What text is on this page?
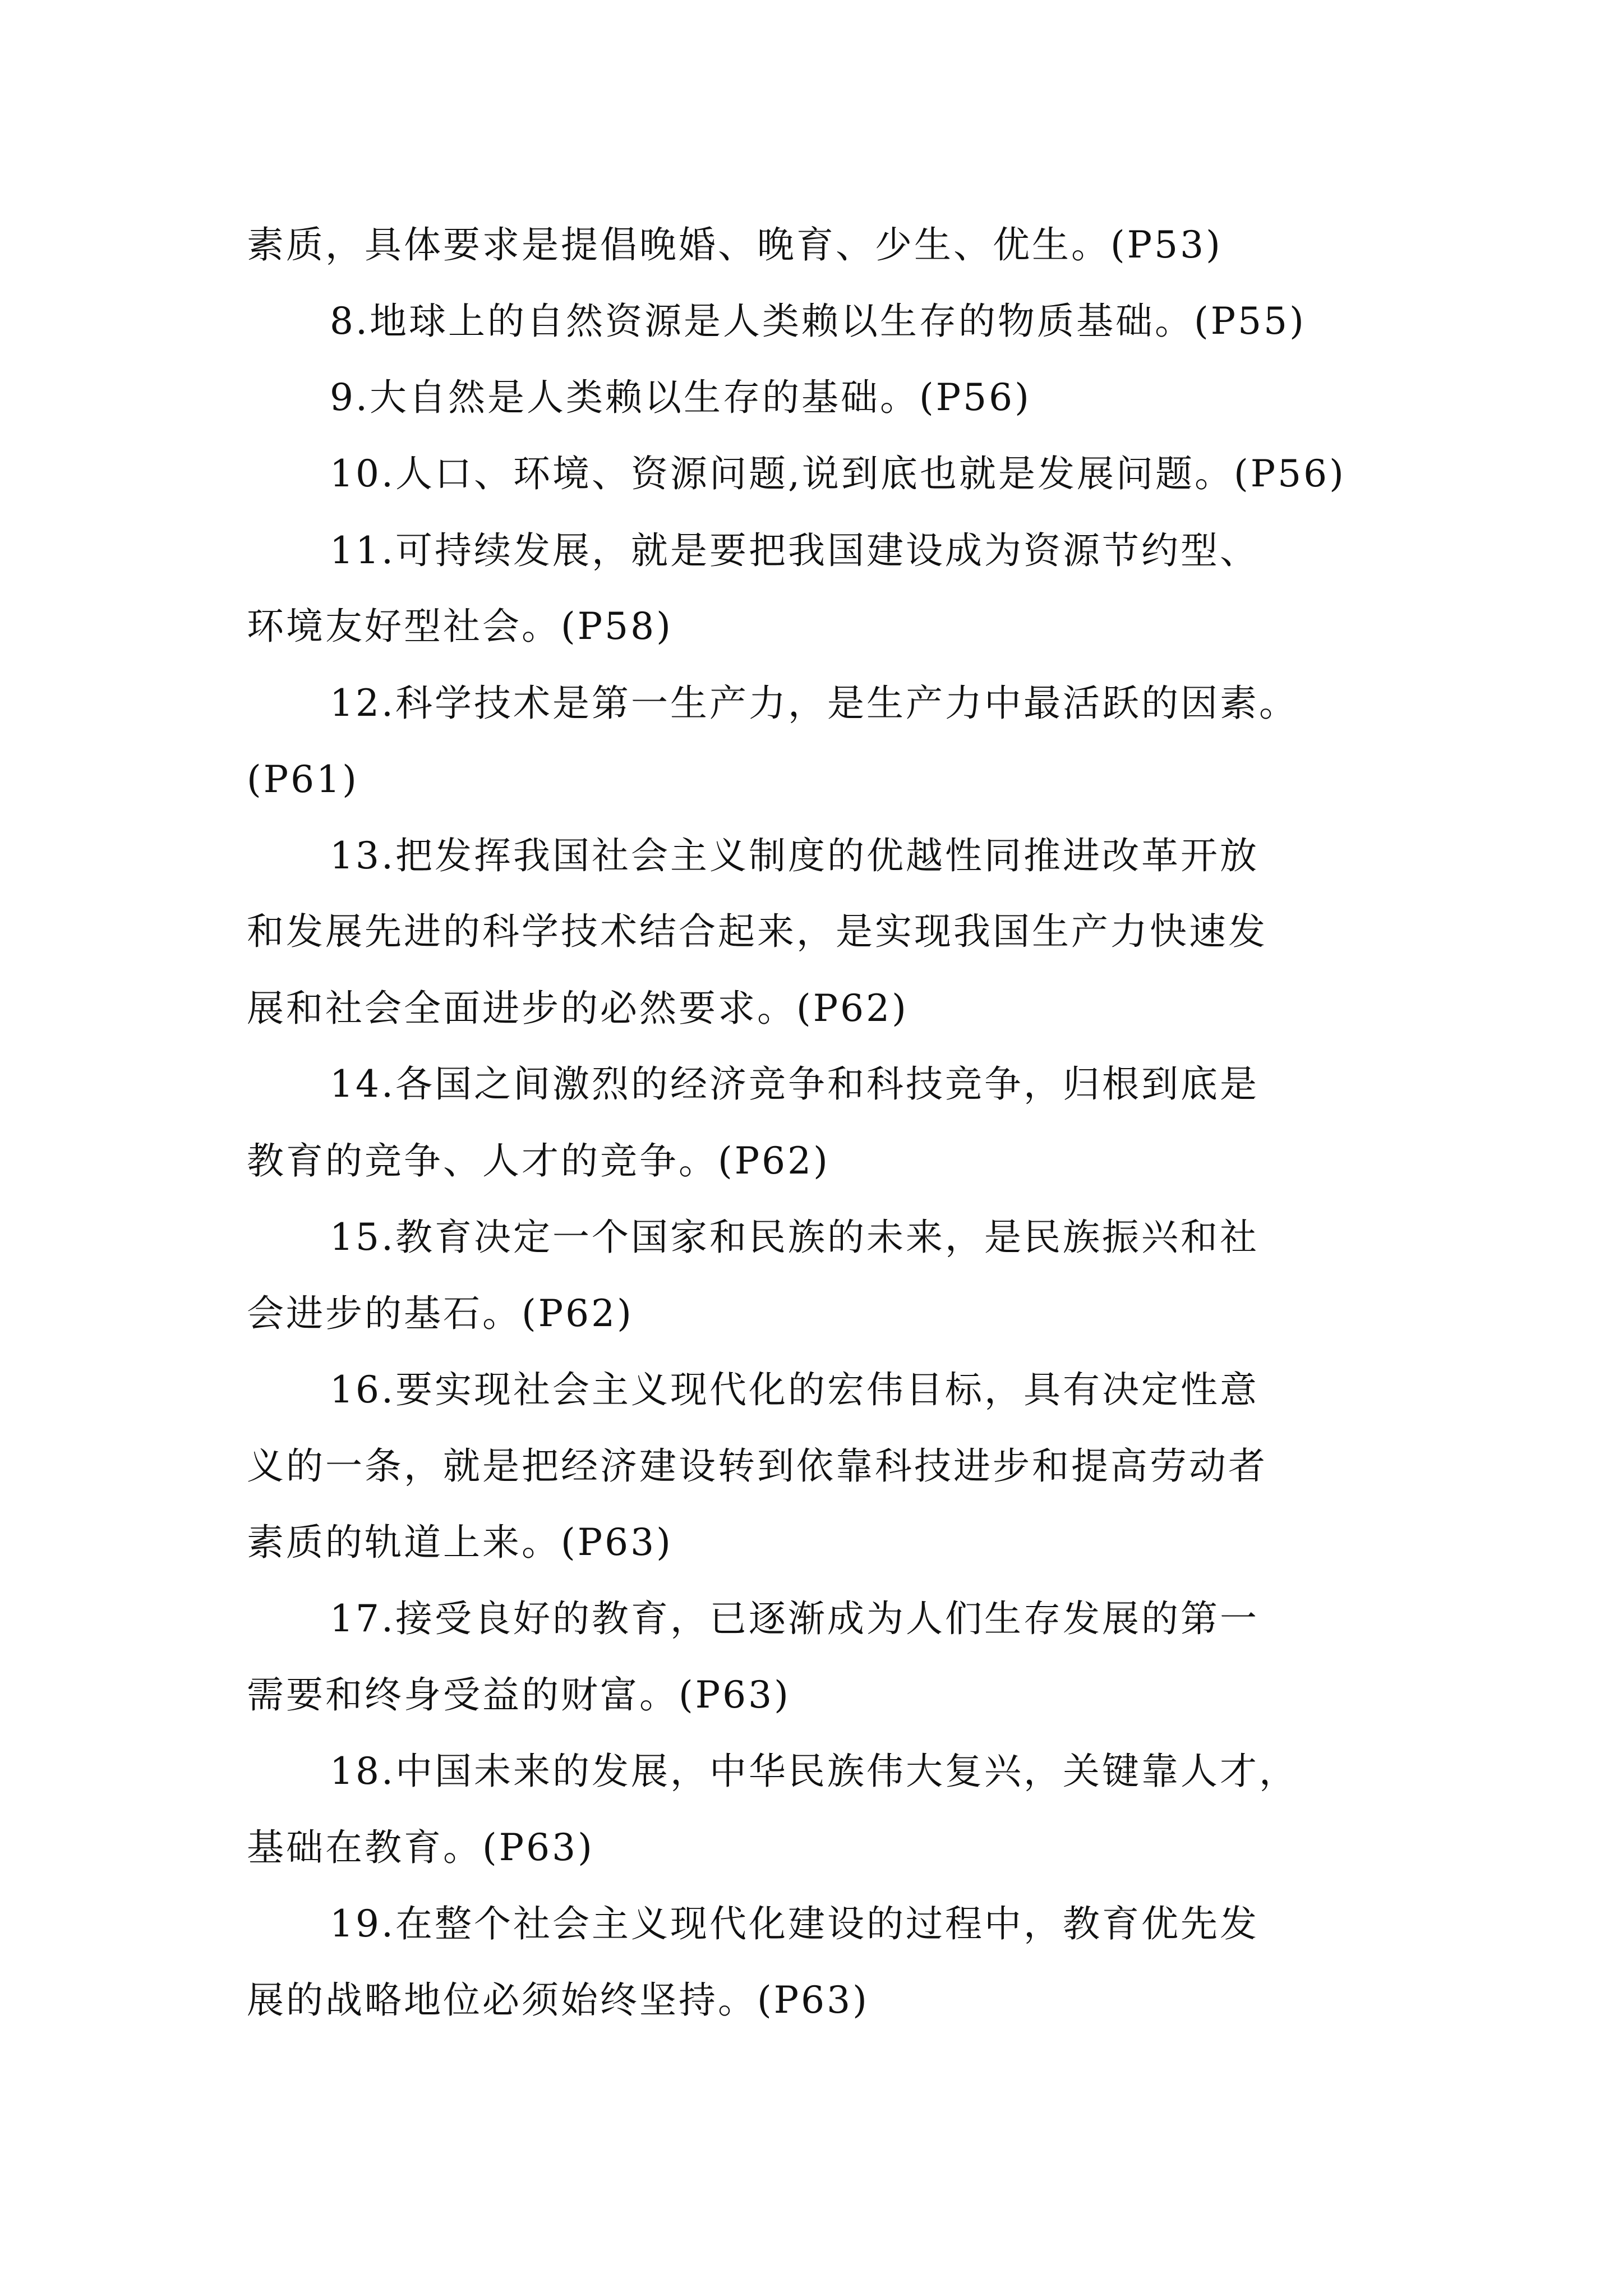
素质，具体要求是提倡晚婚、晚育、少生、优生。(P53)
8.地球上的自然资源是人类赖以生存的物质基础。(P55)
9.大自然是人类赖以生存的基础。(P56)
10.人口、环境、资源问题,说到底也就是发展问题。(P56)
11.可持续发展，就是要把我国建设成为资源节约型、
环境友好型社会。(P58)
12.科学技术是第一生产力，是生产力中最活跃的因素。
(P61)
13.把发挥我国社会主义制度的优越性同推进改革开放
和发展先进的科学技术结合起来，是实现我国生产力快速发
展和社会全面进步的必然要求。(P62)
14.各国之间激烈的经济竞争和科技竞争，归根到底是
教育的竞争、人才的竞争。(P62)
15.教育决定一个国家和民族的未来，是民族振兴和社
会进步的基石。(P62)
16.要实现社会主义现代化的宏伟目标，具有决定性意
义的一条，就是把经济建设转到依靠科技进步和提高劳动者
素质的轨道上来。(P63)
17.接受良好的教育，已逐渐成为人们生存发展的第一
需要和终身受益的财富。(P63)
18.中国未来的发展，中华民族伟大复兴，关键靠人才，
基础在教育。(P63)
19.在整个社会主义现代化建设的过程中，教育优先发
展的战略地位必须始终坚持。(P63)
